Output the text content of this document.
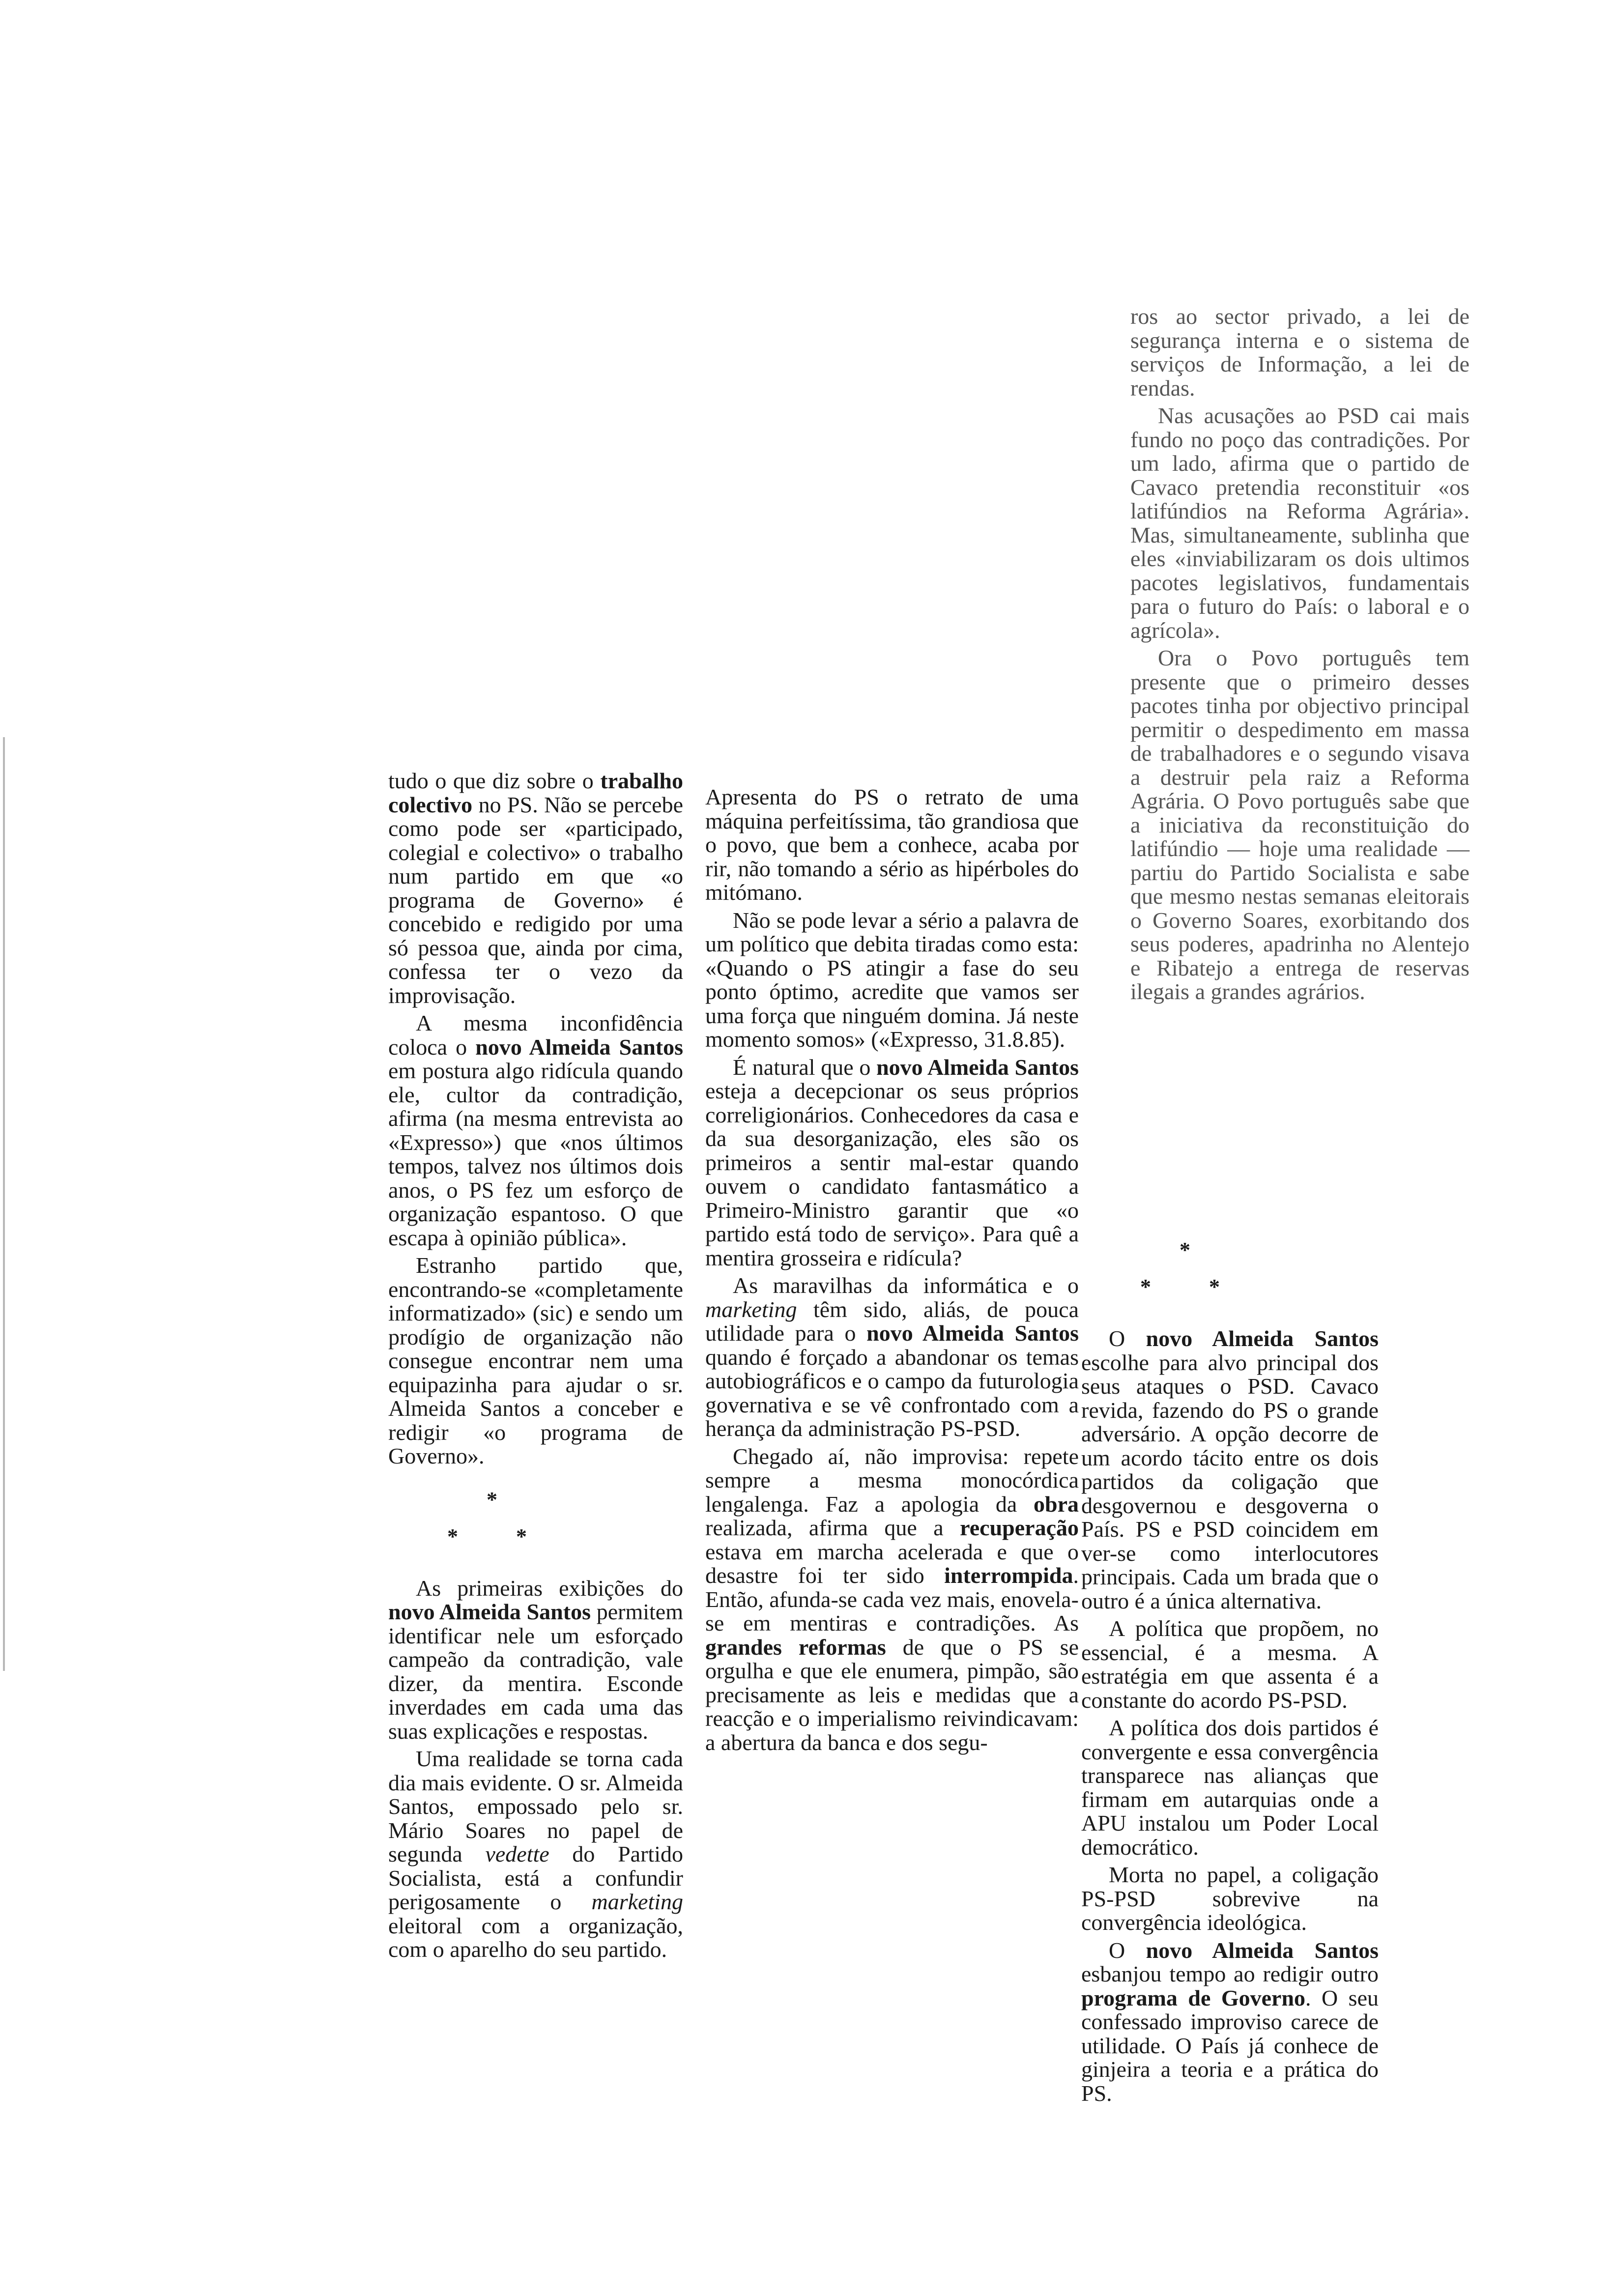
ros ao sector privado, a lei de segurança interna e o sistema de serviços de Informação, a lei de rendas.

Nas acusações ao PSD cai mais fundo no poço das contradições. Por um lado, afirma que o partido de Cavaco pretendia reconstituir «os latifúndios na Reforma Agrária». Mas, simultaneamente, sublinha que eles «inviabilizaram os dois ultimos pacotes legislativos, fundamentais para o futuro do País: o laboral e o agrícola».

Ora o Povo português tem presente que o primeiro desses pacotes tinha por objectivo principal permitir o despedimento em massa de trabalhadores e o segundo visava a destruir pela raiz a Reforma Agrária. O Povo português sabe que a iniciativa da reconstituição do latifúndio — hoje uma realidade — partiu do Partido Socialista e sabe que mesmo nestas semanas eleitorais o Governo Soares, exorbitando dos seus poderes, apadrinha no Alentejo e Ribatejo a entrega de reservas ilegais a grandes agrários.

tudo o que diz sobre o trabalho colectivo no PS. Não se percebe como pode ser «participado, colegial e colectivo» o trabalho num partido em que «o programa de Governo» é concebido e redigido por uma só pessoa que, ainda por cima, confessa ter o vezo da improvisação.

A mesma inconfidência coloca o novo Almeida Santos em postura algo ridícula quando ele, cultor da contradição, afirma (na mesma entrevista ao «Expresso») que «nos últimos tempos, talvez nos últimos dois anos, o PS fez um esforço de organização espantoso. O que escapa à opinião pública».

Estranho partido que, encontrando-se «completamente informatizado» (sic) e sendo um prodígio de organização não consegue encontrar nem uma equipazinha para ajudar o sr. Almeida Santos a conceber e redigir «o programa de Governo».

*
*	*

As primeiras exibições do novo Almeida Santos permitem identificar nele um esforçado campeão da contradição, vale dizer, da mentira. Esconde inverdades em cada uma das suas explicações e respostas.

Uma realidade se torna cada dia mais evidente. O sr. Almeida Santos, empossado pelo sr. Mário Soares no papel de segunda vedette do Partido Socialista, está a confundir perigosamente o marketing eleitoral com a organização, com o aparelho do seu partido.

Apresenta do PS o retrato de uma máquina perfeitíssima, tão grandiosa que o povo, que bem a conhece, acaba por rir, não tomando a sério as hipérboles do mitómano.

Não se pode levar a sério a palavra de um político que debita tiradas como esta: «Quando o PS atingir a fase do seu ponto óptimo, acredite que vamos ser uma força que ninguém domina. Já neste momento somos» («Expresso, 31.8.85).

É natural que o novo Almeida Santos esteja a decepcionar os seus próprios correligionários. Conhecedores da casa e da sua desorganização, eles são os primeiros a sentir mal-estar quando ouvem o candidato fantasmático a Primeiro-Ministro garantir que «o partido está todo de serviço». Para quê a mentira grosseira e ridícula?

As maravilhas da informática e o marketing têm sido, aliás, de pouca utilidade para o novo Almeida Santos quando é forçado a abandonar os temas autobiográficos e o campo da futurologia governativa e se vê confrontado com a herança da administração PS-PSD.

Chegado aí, não improvisa: repete sempre a mesma monocórdica lengalenga. Faz a apologia da obra realizada, afirma que a recuperação estava em marcha acelerada e que o desastre foi ter sido interrompida. Então, afunda-se cada vez mais, enovela-se em mentiras e contradições. As grandes reformas de que o PS se orgulha e que ele enumera, pimpão, são precisamente as leis e medidas que a reacção e o imperialismo reivindicavam: a abertura da banca e dos segu-

*
*	*

O novo Almeida Santos escolhe para alvo principal dos seus ataques o PSD. Cavaco revida, fazendo do PS o grande adversário. A opção decorre de um acordo tácito entre os dois partidos da coligação que desgovernou e desgoverna o País. PS e PSD coincidem em ver-se como interlocutores principais. Cada um brada que o outro é a única alternativa.

A política que propõem, no essencial, é a mesma. A estratégia em que assenta é a constante do acordo PS-PSD.

A política dos dois partidos é convergente e essa convergência transparece nas alianças que firmam em autarquias onde a APU instalou um Poder Local democrático.

Morta no papel, a coligação PS-PSD sobrevive na convergência ideológica.

O novo Almeida Santos esbanjou tempo ao redigir outro programa de Governo. O seu confessado improviso carece de utilidade. O País já conhece de ginjeira a teoria e a prática do PS.
